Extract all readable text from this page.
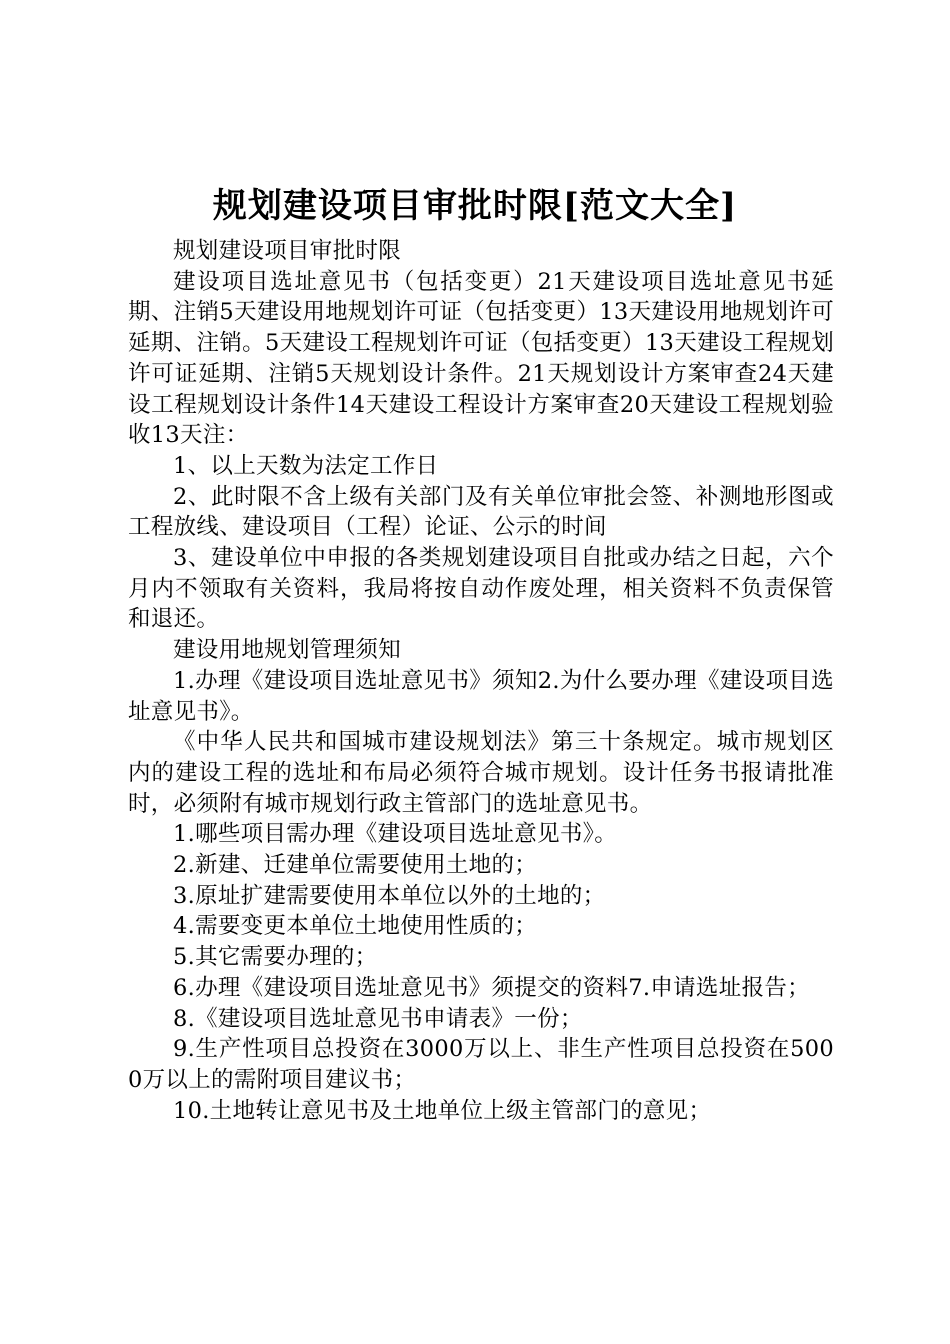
规划建设项目审批时限[范文大全]

规划建设项目审批时限

建设项目选址意见书（包括变更）21天建设项目选址意见书延期、注销5天建设用地规划许可证（包括变更）13天建设用地规划许可延期、注销。5天建设工程规划许可证（包括变更）13天建设工程规划许可证延期、注销5天规划设计条件。21天规划设计方案审查24天建设工程规划设计条件14天建设工程设计方案审查20天建设工程规划验收13天注：

1、以上天数为法定工作日

2、此时限不含上级有关部门及有关单位审批会签、补测地形图或工程放线、建设项目（工程）论证、公示的时间

3、建设单位中申报的各类规划建设项目自批或办结之日起，六个月内不领取有关资料，我局将按自动作废处理，相关资料不负责保管和退还。

建设用地规划管理须知

1.办理《建设项目选址意见书》须知2.为什么要办理《建设项目选址意见书》。

《中华人民共和国城市建设规划法》第三十条规定。城市规划区内的建设工程的选址和布局必须符合城市规划。设计任务书报请批准时，必须附有城市规划行政主管部门的选址意见书。

1.哪些项目需办理《建设项目选址意见书》。

2.新建、迁建单位需要使用土地的；

3.原址扩建需要使用本单位以外的土地的；

4.需要变更本单位土地使用性质的；

5.其它需要办理的；

6.办理《建设项目选址意见书》须提交的资料7.申请选址报告；

8.《建设项目选址意见书申请表》一份；

9.生产性项目总投资在3000万以上、非生产性项目总投资在5000万以上的需附项目建议书；

10.土地转让意见书及土地单位上级主管部门的意见；
